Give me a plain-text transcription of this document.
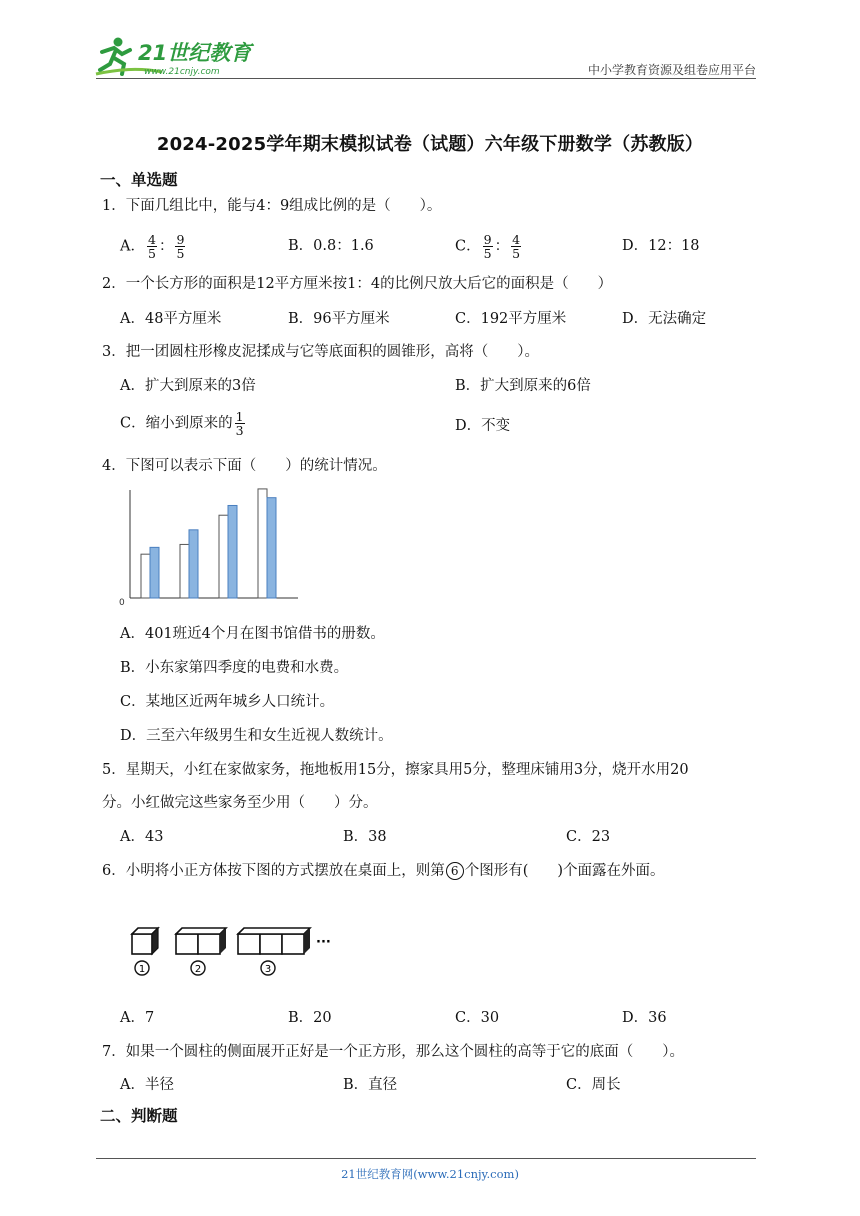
21世纪教育
www.21cnjy.com	中小学教育资源及组卷应用平台
2024-2025学年期末模拟试卷（试题）六年级下册数学（苏教版）
一、单选题
1．下面几组比中，能与4：9组成比例的是（　　）。
A． $\frac{4}{5}$ ： $\frac{9}{5}$	B．0.8：1.6	C． $\frac{9}{5}$ ： $\frac{4}{5}$	D．12：18
2．一个长方形的面积是12平方厘米按1：4的比例尺放大后它的面积是（　　）
A．48平方厘米	B．96平方厘米	C．192平方厘米	D．无法确定
3．把一团圆柱形橡皮泥揉成与它等底面积的圆锥形，高将（　　）。
A．扩大到原来的3倍	B．扩大到原来的6倍
C．缩小到原来的 $\frac{1}{3}$	D．不变
4．下图可以表示下面（　　）的统计情况。
0
A．401班近4个月在图书馆借书的册数。
B．小东家第四季度的电费和水费。
C．某地区近两年城乡人口统计。
D．三至六年级男生和女生近视人数统计。
5．星期天，小红在家做家务，拖地板用15分，擦家具用5分，整理床铺用3分，烧开水用20
分。小红做完这些家务至少用（　　）分。
A．43	B．38	C．23
6．小明将小正方体按下图的方式摆放在桌面上，则第 6 个图形有(　　)个面露在外面。
···
1	2	3
A．7	B．20	C．30	D．36
7．如果一个圆柱的侧面展开正好是一个正方形，那么这个圆柱的高等于它的底面（　　）。
A．半径	B．直径	C．周长
二、判断题
21世纪教育网(www.21cnjy.com)
